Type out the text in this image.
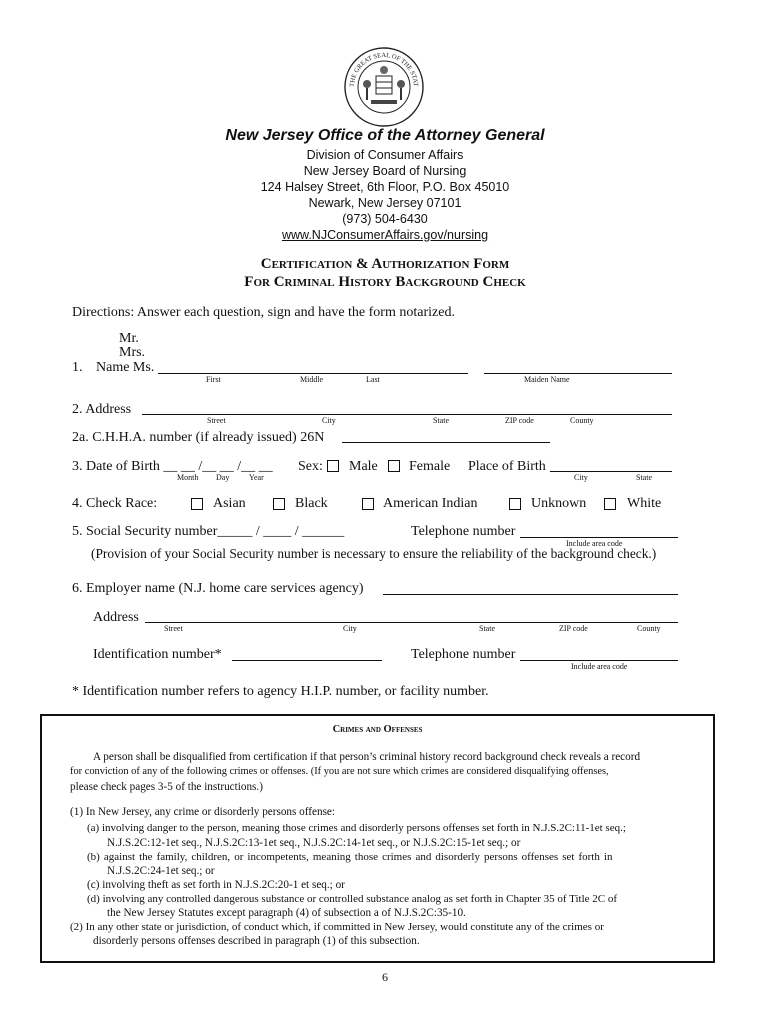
THE GREAT SEAL OF THE STAT
New Jersey Office of the Attorney General
Division of Consumer Affairs
New Jersey Board of Nursing
124 Halsey Street, 6th Floor, P.O. Box 45010
Newark, New Jersey 07101
(973) 504-6430
www.NJConsumerAffairs.gov/nursing
Certification & Authorization Form
For Criminal History Background Check
Directions: Answer each question, sign and have the form notarized.
Mr.
Mrs.
1. Name Ms.
First	Middle	Last	Maiden Name
2. Address
Street	City	State	ZIP code	County
2a. C.H.H.A. number (if already issued) 26N
3. Date of Birth __ __ /__ __ /__ __
Month Day Year
Sex: Male Female Place of Birth
City	State
4. Check Race:	Asian	Black	American Indian	Unknown	White
5. Social Security number_____ / ____ / ______	Telephone number
Include area code
(Provision of your Social Security number is necessary to ensure the reliability of the background check.)
6. Employer name (N.J. home care services agency)
Address
Street	City	State	ZIP code	County
Identification number*	Telephone number
Include area code
* Identification number refers to agency H.I.P. number, or facility number.
Crimes and Offenses
A person shall be disqualified from certification if that person’s criminal history record background check reveals a record
for conviction of any of the following crimes or offenses. (If you are not sure which crimes are considered disqualifying offenses,
please check pages 3-5 of the instructions.)
(1) In New Jersey, any crime or disorderly persons offense:
(a) involving danger to the person, meaning those crimes and disorderly persons offenses set forth in N.J.S.2C:11-1et seq.;
N.J.S.2C:12-1et seq., N.J.S.2C:13-1et seq., N.J.S.2C:14-1et seq., or N.J.S.2C:15-1et seq.; or
(b) against the family, children, or incompetents, meaning those crimes and disorderly persons offenses set forth in
N.J.S.2C:24-1et seq.; or
(c) involving theft as set forth in N.J.S.2C:20-1 et seq.; or
(d) involving any controlled dangerous substance or controlled substance analog as set forth in Chapter 35 of Title 2C of
the New Jersey Statutes except paragraph (4) of subsection a of N.J.S.2C:35-10.
(2) In any other state or jurisdiction, of conduct which, if committed in New Jersey, would constitute any of the crimes or
disorderly persons offenses described in paragraph (1) of this subsection.
6
